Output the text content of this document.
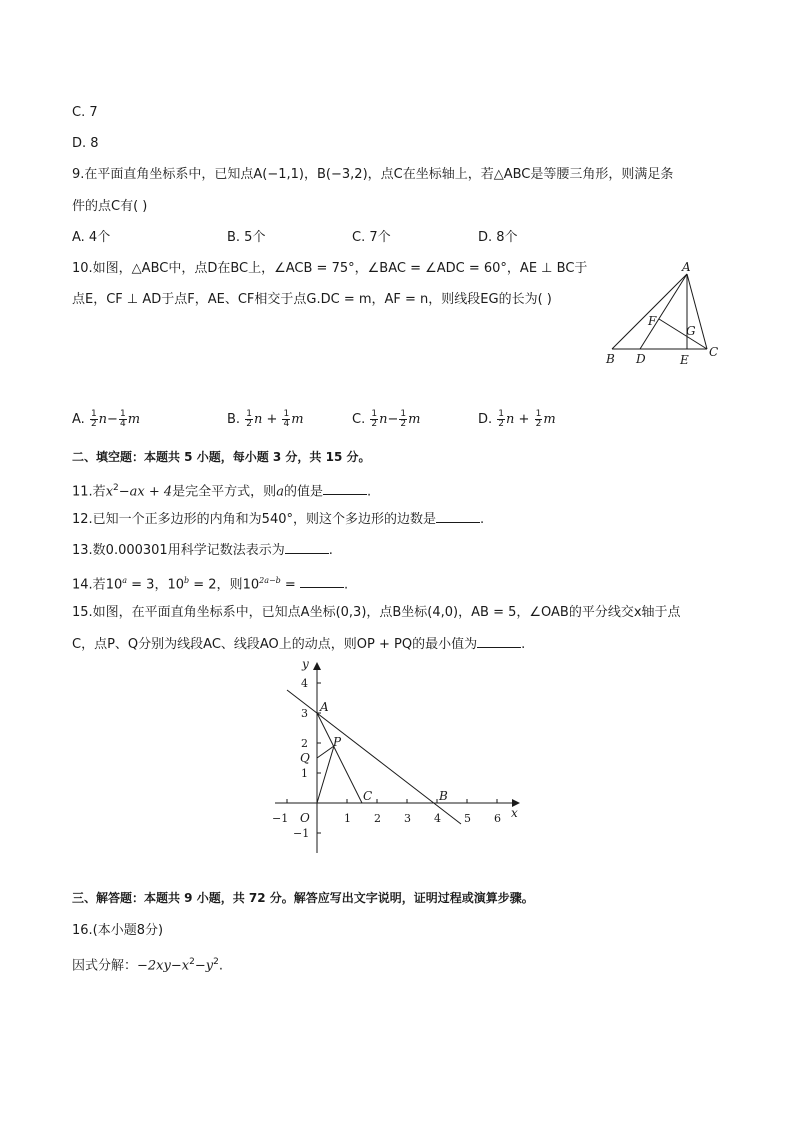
C. 7
D. 8
9.在平面直角坐标系中，已知点A(−1,1)，B(−3,2)，点C在坐标轴上，若△ABC是等腰三角形，则满足条
件的点C有( )
A. 4个	B. 5个	C. 7个	D. 8个
10.如图，△ABC中，点D在BC上，∠ACB = 75°，∠BAC = ∠ADC = 60°，AE ⊥ BC于
点E，CF ⊥ AD于点F，AE、CF相交于点G.DC = m，AF = n，则线段EG的长为( )
A
B	C
D	E
F
G
A. $\frac{1}{2} n- \frac{1}{4}$ m	B. $\frac{1}{2}$ $n + \frac{1}{4}$ m	C. $\frac{1}{2} n- \frac{1}{2}$ m	D. $\frac{1}{2}$ $n + \frac{1}{2}$ m
二、填空题：本题共 5 小题，每小题 3 分，共 15 分。
11.若$x^2-ax + 4$是完全平方式，则a的值是	.
12.已知一个正多边形的内角和为540°，则这个多边形的边数是	.
13.数0.000301用科学记数法表示为	.
14.若$10^a = 3$，$10^b = 2$，则$10^{2a-b}$ =	.
15.如图，在平面直角坐标系中，已知点A坐标(0,3)，点B坐标(4,0)，AB = 5，∠OAB的平分线交x轴于点
C，点P、Q分别为线段AC、线段AO上的动点，则OP + PQ的最小值为	.
−1	1 2 3 4 5 6
4
3
2
1
−1
x
y
O
A
B
C
P
Q
三、解答题：本题共 9 小题，共 72 分。解答应写出文字说明，证明过程或演算步骤。
16.(本小题8分)
因式分解：$-2xy-x^2-y^2$.
